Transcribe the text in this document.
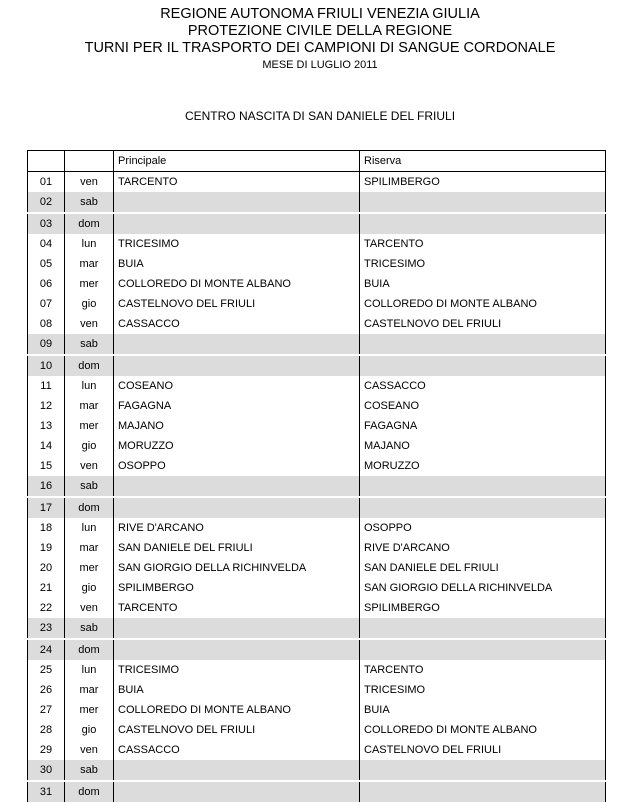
REGIONE AUTONOMA FRIULI VENEZIA GIULIA
PROTEZIONE CIVILE DELLA REGIONE
TURNI PER IL TRASPORTO DEI CAMPIONI DI SANGUE CORDONALE
MESE DI LUGLIO 2011
CENTRO NASCITA DI SAN DANIELE DEL FRIULI
		Principale	Riserva
01	ven	TARCENTO	SPILIMBERGO
02	sab		
03	dom		
04	lun	TRICESIMO	TARCENTO
05	mar	BUIA	TRICESIMO
06	mer	COLLOREDO DI MONTE ALBANO	BUIA
07	gio	CASTELNOVO DEL FRIULI	COLLOREDO DI MONTE ALBANO
08	ven	CASSACCO	CASTELNOVO DEL FRIULI
09	sab		
10	dom		
11	lun	COSEANO	CASSACCO
12	mar	FAGAGNA	COSEANO
13	mer	MAJANO	FAGAGNA
14	gio	MORUZZO	MAJANO
15	ven	OSOPPO	MORUZZO
16	sab		
17	dom		
18	lun	RIVE D'ARCANO	OSOPPO
19	mar	SAN DANIELE DEL FRIULI	RIVE D'ARCANO
20	mer	SAN GIORGIO DELLA RICHINVELDA	SAN DANIELE DEL FRIULI
21	gio	SPILIMBERGO	SAN GIORGIO DELLA RICHINVELDA
22	ven	TARCENTO	SPILIMBERGO
23	sab		
24	dom		
25	lun	TRICESIMO	TARCENTO
26	mar	BUIA	TRICESIMO
27	mer	COLLOREDO DI MONTE ALBANO	BUIA
28	gio	CASTELNOVO DEL FRIULI	COLLOREDO DI MONTE ALBANO
29	ven	CASSACCO	CASTELNOVO DEL FRIULI
30	sab		
31	dom		
